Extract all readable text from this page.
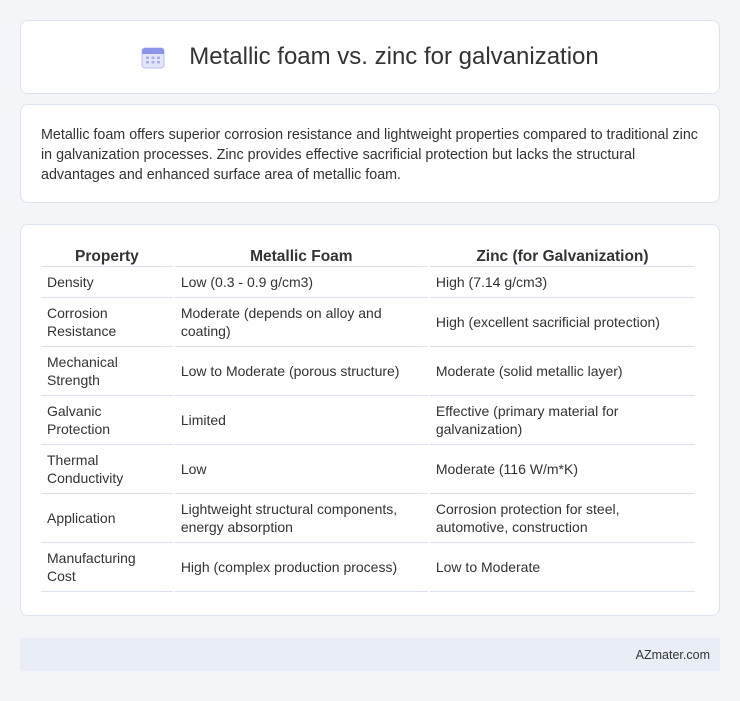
Metallic foam vs. zinc for galvanization

Metallic foam offers superior corrosion resistance and lightweight properties compared to traditional zinc in galvanization processes. Zinc provides effective sacrificial protection but lacks the structural advantages and enhanced surface area of metallic foam.

Property	Metallic Foam	Zinc (for Galvanization)
Density	Low (0.3 - 0.9 g/cm3)	High (7.14 g/cm3)
Corrosion Resistance	Moderate (depends on alloy and coating)	High (excellent sacrificial protection)
Mechanical Strength	Low to Moderate (porous structure)	Moderate (solid metallic layer)
Galvanic Protection	Limited	Effective (primary material for galvanization)
Thermal Conductivity	Low	Moderate (116 W/m*K)
Application	Lightweight structural components, energy absorption	Corrosion protection for steel, automotive, construction
Manufacturing Cost	High (complex production process)	Low to Moderate
AZmater.com
